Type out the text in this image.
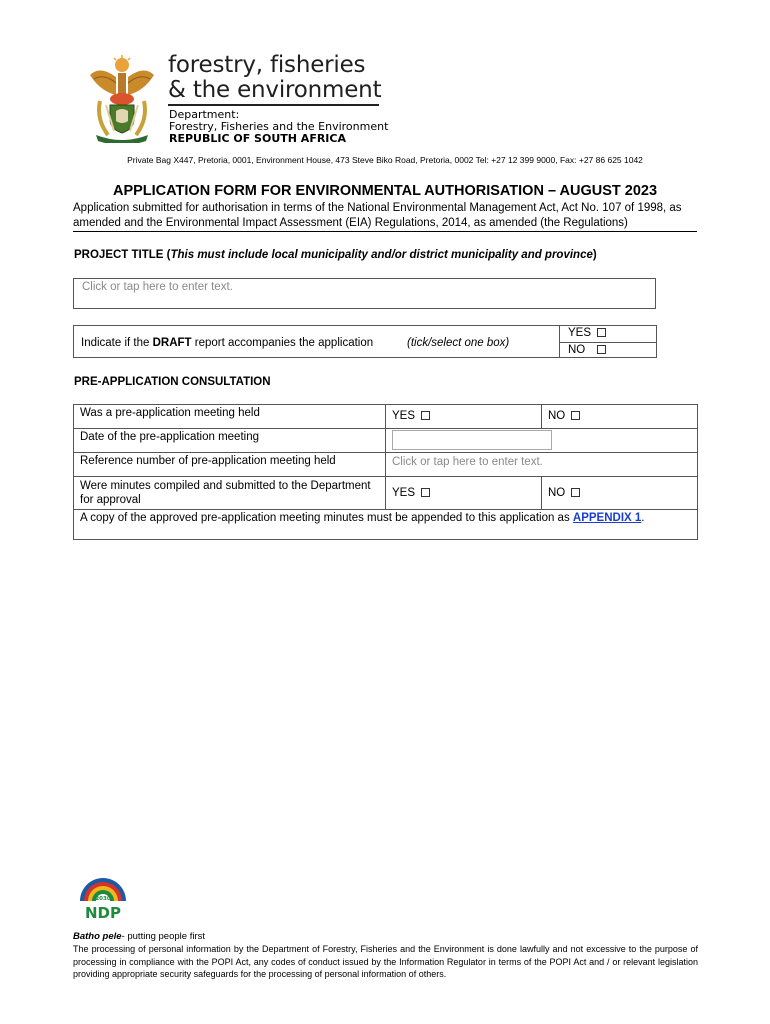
forestry, fisheries
& the environment
Department:
Forestry, Fisheries and the Environment
REPUBLIC OF SOUTH AFRICA
Private Bag X447, Pretoria, 0001, Environment House, 473 Steve Biko Road, Pretoria, 0002 Tel: +27 12 399 9000, Fax: +27 86 625 1042
APPLICATION FORM FOR ENVIRONMENTAL AUTHORISATION – AUGUST 2023
Application submitted for authorisation in terms of the National Environmental Management Act, Act No. 107 of 1998, as amended and the Environmental Impact Assessment (EIA) Regulations, 2014, as amended (the Regulations)
PROJECT TITLE (This must include local municipality and/or district municipality and province)
Click or tap here to enter text.
Indicate if the DRAFT report accompanies the application	(tick/select one box)
YES
NO
PRE-APPLICATION CONSULTATION
Was a pre-application meeting held	YES	NO
Date of the pre-application meeting		

Reference number of pre-application meeting held	Click or tap here to enter text.	
Were minutes compiled and submitted to the Department for approval	YES	NO
A copy of the approved pre-application meeting minutes must be appended to this application as APPENDIX 1.		
2030
NDP
Batho pele- putting people first
The processing of personal information by the Department of Forestry, Fisheries and the Environment is done lawfully and not excessive to the purpose of processing in compliance with the POPI Act, any codes of conduct issued by the Information Regulator in terms of the POPI Act and / or relevant legislation providing appropriate security safeguards for the processing of personal information of others.
